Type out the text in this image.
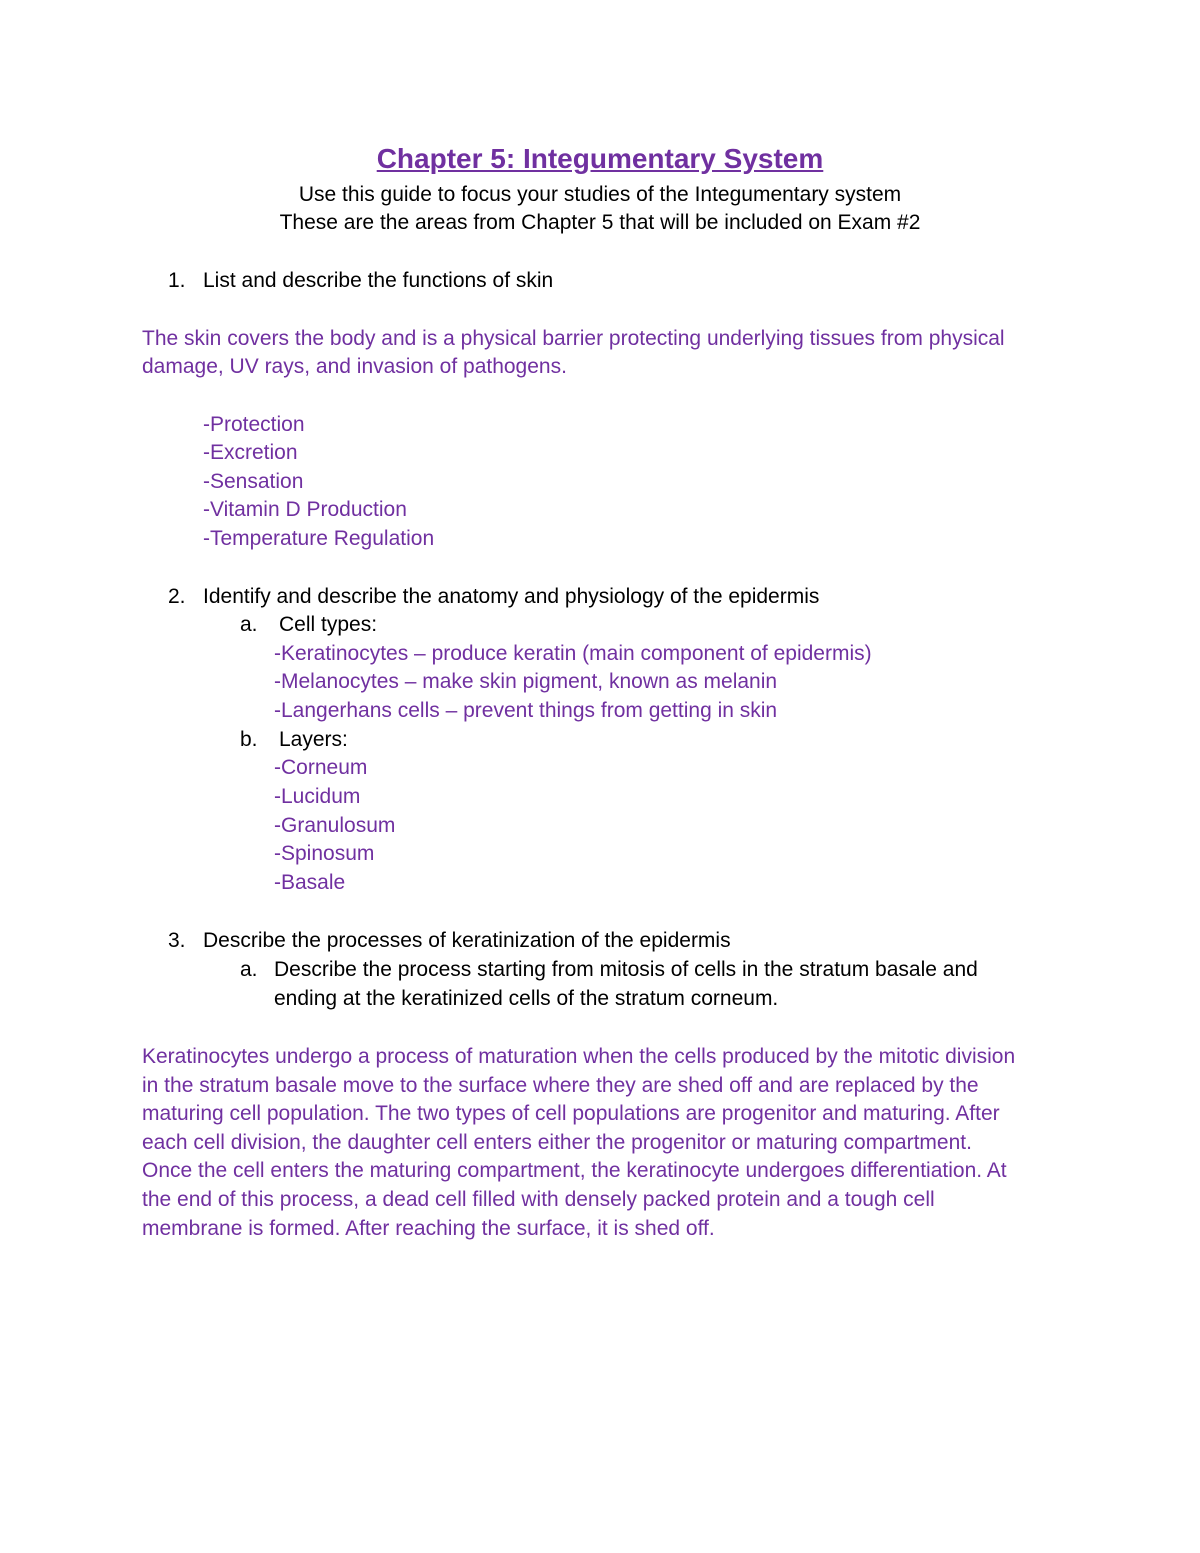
Chapter 5: Integumentary System
Use this guide to focus your studies of the Integumentary system
These are the areas from Chapter 5 that will be included on Exam #2
1. List and describe the functions of skin
The skin covers the body and is a physical barrier protecting underlying tissues from physical
damage, UV rays, and invasion of pathogens.
-Protection
-Excretion
-Sensation
-Vitamin D Production
-Temperature Regulation
2. Identify and describe the anatomy and physiology of the epidermis
a. Cell types:
-Keratinocytes – produce keratin (main component of epidermis)
-Melanocytes – make skin pigment, known as melanin
-Langerhans cells – prevent things from getting in skin
b. Layers:
-Corneum
-Lucidum
-Granulosum
-Spinosum
-Basale
3. Describe the processes of keratinization of the epidermis
a. Describe the process starting from mitosis of cells in the stratum basale and
ending at the keratinized cells of the stratum corneum.
Keratinocytes undergo a process of maturation when the cells produced by the mitotic division
in the stratum basale move to the surface where they are shed off and are replaced by the
maturing cell population. The two types of cell populations are progenitor and maturing. After
each cell division, the daughter cell enters either the progenitor or maturing compartment.
Once the cell enters the maturing compartment, the keratinocyte undergoes differentiation. At
the end of this process, a dead cell filled with densely packed protein and a tough cell
membrane is formed. After reaching the surface, it is shed off.
